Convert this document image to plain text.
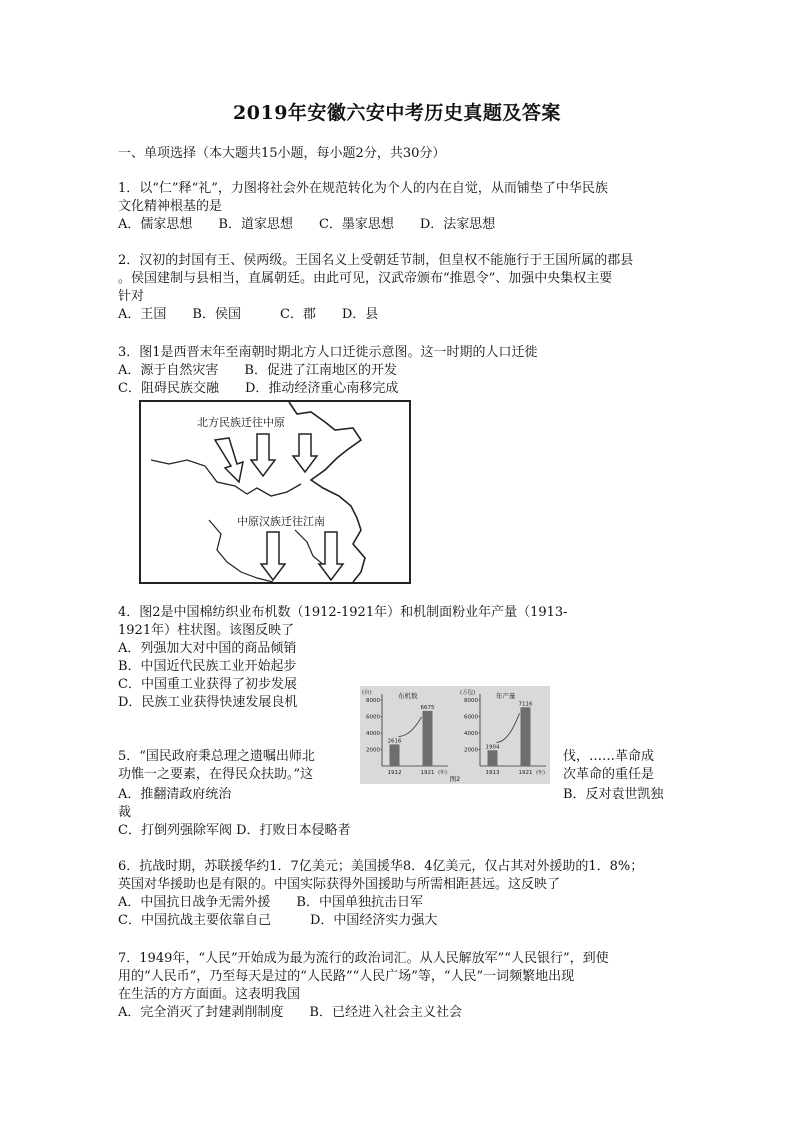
2019年安徽六安中考历史真题及答案
一、单项选择（本大题共15小题，每小题2分，共30分）
1．以“仁”释“礼”，力图将社会外在规范转化为个人的内在自觉，从而铺垫了中华民族
文化精神根基的是
A．儒家思想　　B．道家思想　　C．墨家思想　　D．法家思想
2．汉初的封国有王、侯两级。王国名义上受朝廷节制，但皇权不能施行于王国所属的郡县
。侯国建制与县相当，直属朝廷。由此可见，汉武帝颁布“推恩令”、加强中央集权主要
针对
A．王国　　B．侯国　　　C．郡　　D．县
3．图1是西晋末年至南朝时期北方人口迁徙示意图。这一时期的人口迁徙
A．源于自然灾害　　B．促进了江南地区的开发
C．阻碍民族交融　　D．推动经济重心南移完成
北方民族迁往中原
中原汉族迁往江南
4．图2是中国棉纺织业布机数（1912-1921年）和机制面粉业年产量（1913-
1921年）柱状图。该图反映了
A．列强加大对中国的商品倾销
B．中国近代民族工业开始起步
C．中国重工业获得了初步发展
D．民族工业获得快速发展良机
(台)	布机数
8000
6000
4000
2000
2616
1912
6675
1921 (年)
(万包)	年产量
8000
6000
4000
2000
1904
1913
7116
1921 (年)
图2
5．“国民政府秉总理之遗嘱出师北	伐，……革命成
功惟一之要素，在得民众扶助。”这	次革命的重任是
A．推翻清政府统治	B．反对袁世凯独
裁
C．打倒列强除军阀 D．打败日本侵略者
6．抗战时期，苏联援华约1．7亿美元；美国援华8．4亿美元，仅占其对外援助的1．8%；
英国对华援助也是有限的。中国实际获得外国援助与所需相距甚远。这反映了
A．中国抗日战争无需外援　　B．中国单独抗击日军
C．中国抗战主要依靠自己　　　D．中国经济实力强大
7．1949年，“人民”开始成为最为流行的政治词汇。从人民解放军”“人民银行”，到使
用的“人民币”，乃至每天是过的“人民路”“人民广场”等，“人民”一词频繁地出现
在生活的方方面面。这表明我国
A．完全消灭了封建剥削制度　　B．已经进入社会主义社会
